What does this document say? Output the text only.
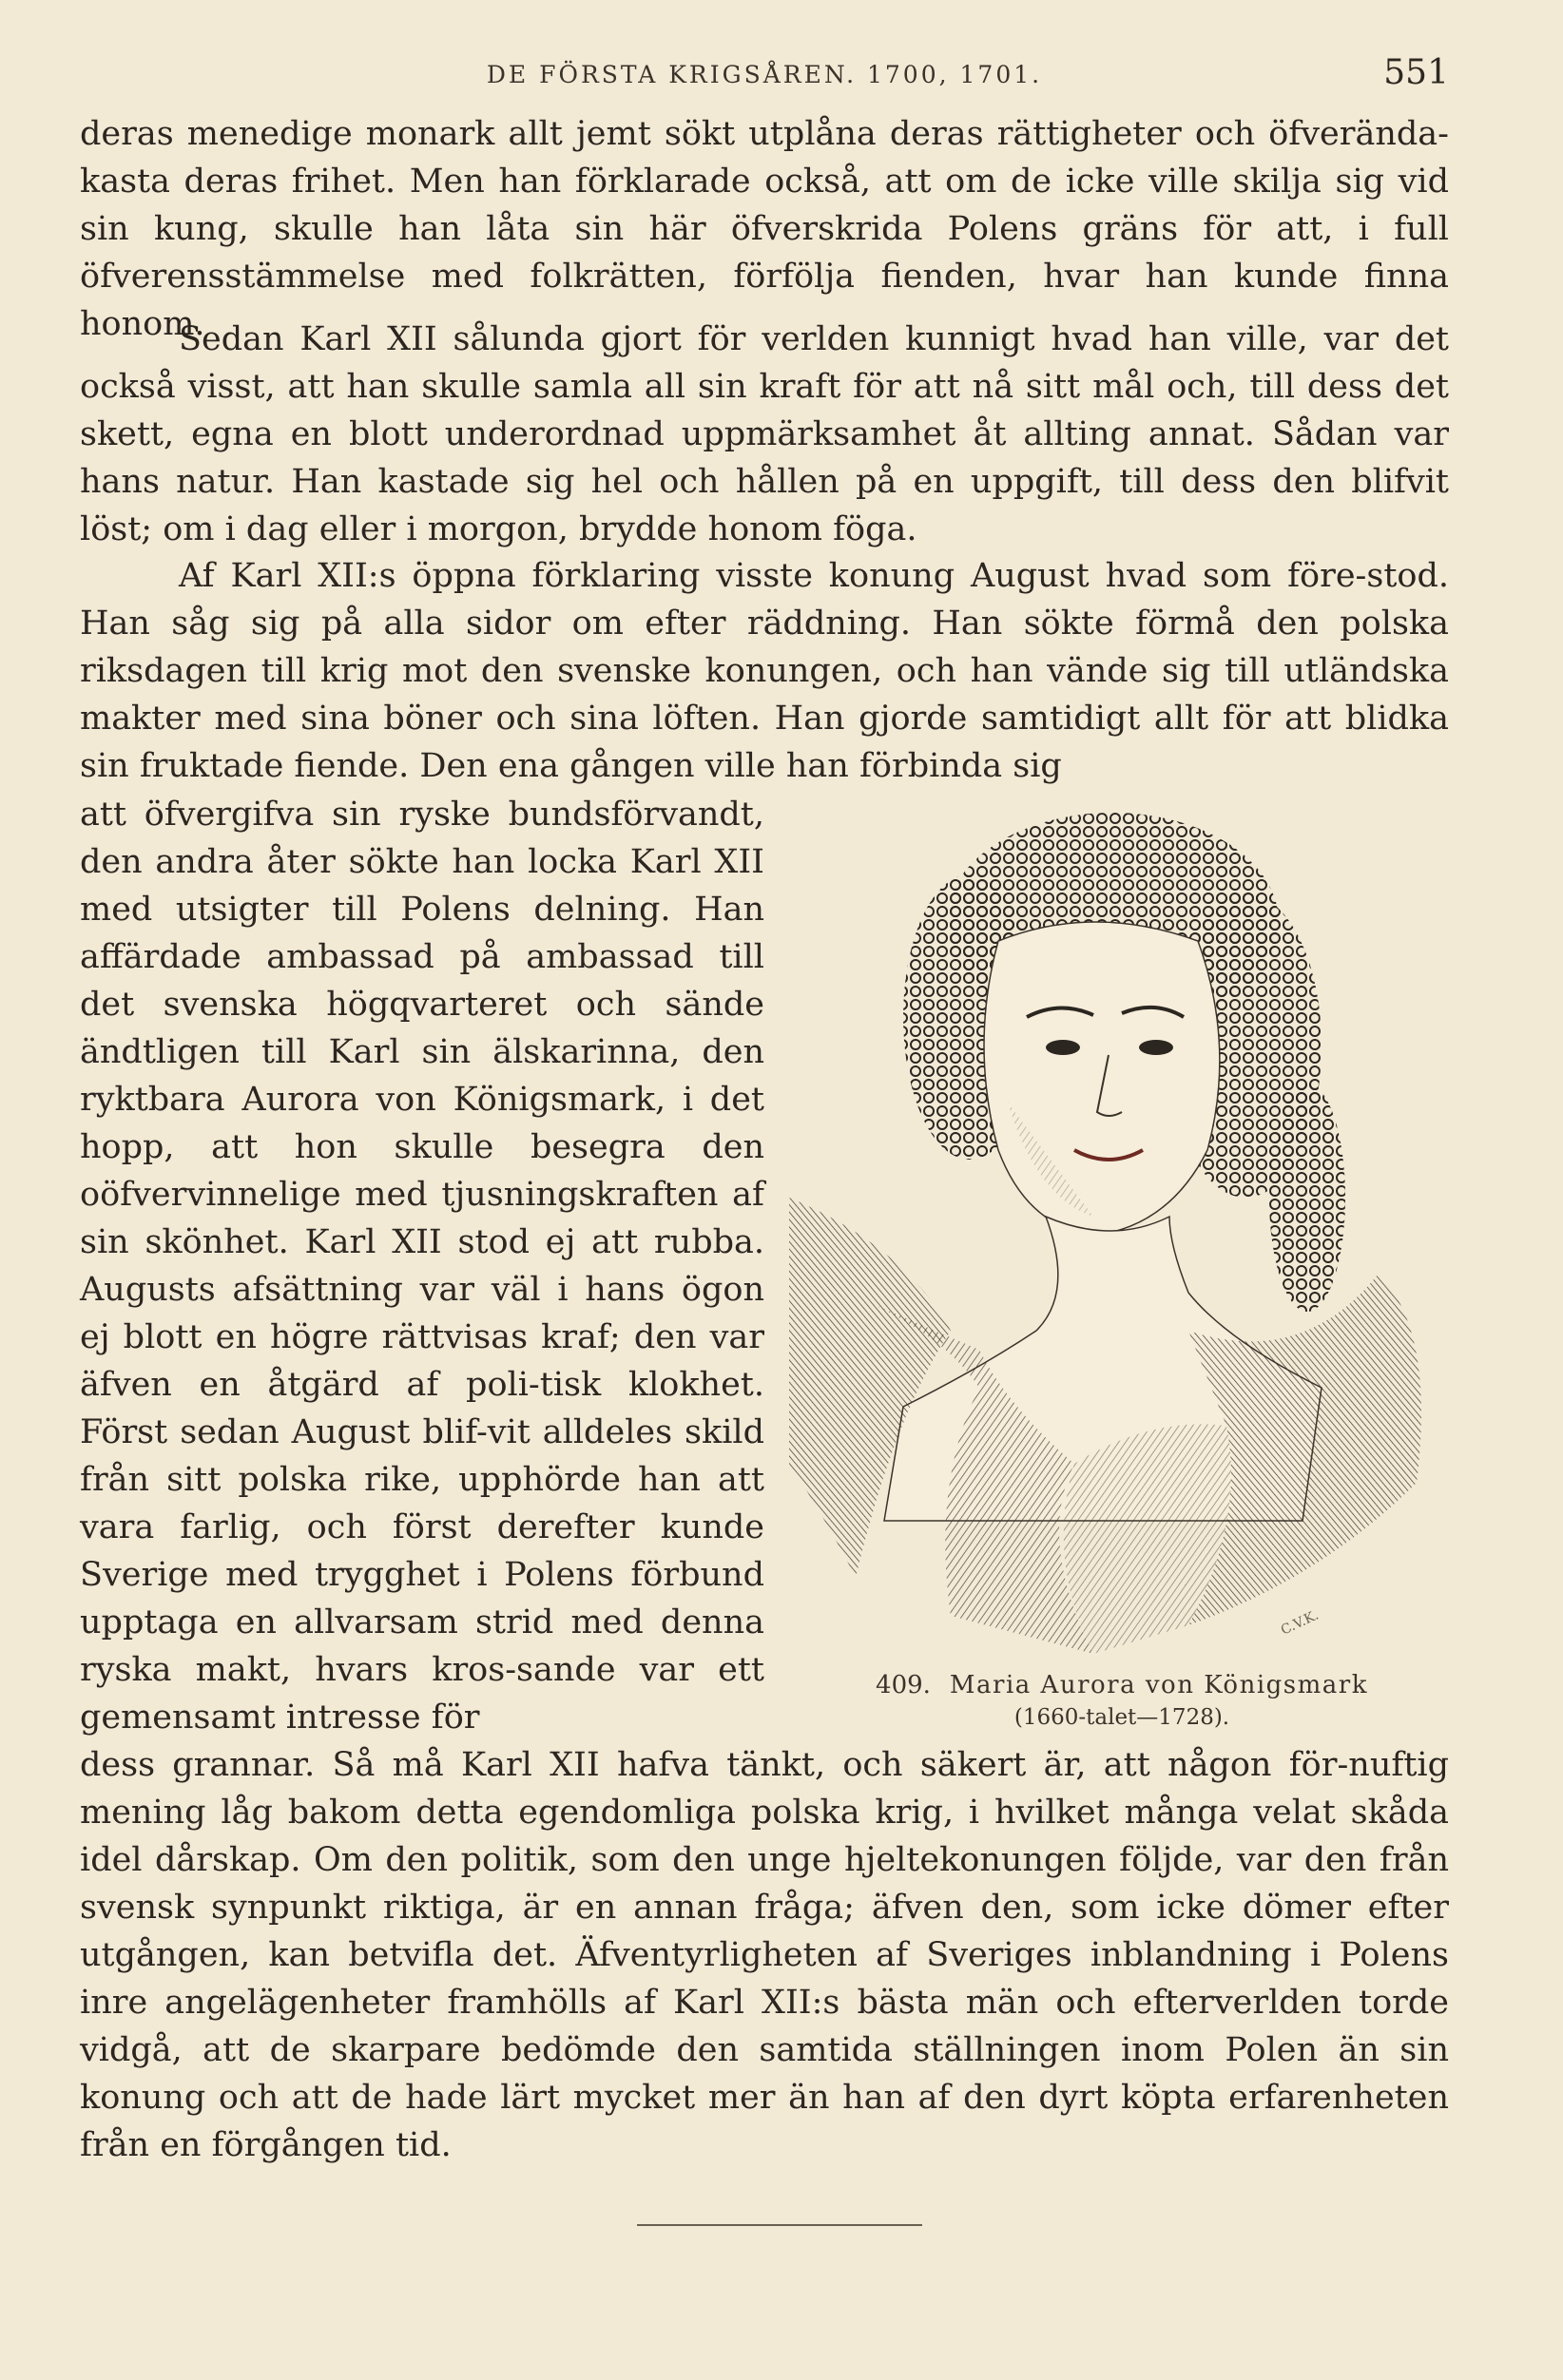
DE FÖRSTA KRIGSÅREN. 1700, 1701.	551

deras menedige monark allt jemt sökt utplåna deras rättigheter och öfverända-kasta deras frihet. Men han förklarade också, att om de icke ville skilja sig vid sin kung, skulle han låta sin här öfverskrida Polens gräns för att, i full öfverensstämmelse med folkrätten, förfölja fienden, hvar han kunde finna honom.

Sedan Karl XII sålunda gjort för verlden kunnigt hvad han ville, var det också visst, att han skulle samla all sin kraft för att nå sitt mål och, till dess det skett, egna en blott underordnad uppmärksamhet åt allting annat. Sådan var hans natur. Han kastade sig hel och hållen på en uppgift, till dess den blifvit löst; om i dag eller i morgon, brydde honom föga.

Af Karl XII:s öppna förklaring visste konung August hvad som före-stod. Han såg sig på alla sidor om efter räddning. Han sökte förmå den polska riksdagen till krig mot den svenske konungen, och han vände sig till utländska makter med sina böner och sina löften. Han gjorde samtidigt allt för att blidka sin fruktade fiende. Den ena gången ville han förbinda sig

att öfvergifva sin ryske bundsförvandt, den andra åter sökte han locka Karl XII med utsigter till Polens delning. Han affärdade ambassad på ambassad till det svenska högqvarteret och sände ändtligen till Karl sin älskarinna, den ryktbara Aurora von Königsmark, i det hopp, att hon skulle besegra den oöfvervinnelige med tjusningskraften af sin skönhet. Karl XII stod ej att rubba. Augusts afsättning var väl i hans ögon ej blott en högre rättvisas kraf; den var äfven en åtgärd af poli-tisk klokhet. Först sedan August blif-vit alldeles skild från sitt polska rike, upphörde han att vara farlig, och först derefter kunde Sverige med trygghet i Polens förbund upptaga en allvarsam strid med denna ryska makt, hvars kros-sande var ett gemensamt intresse för

C.V.K.
409. Maria Aurora von Königsmark
(1660-talet—1728).

dess grannar. Så må Karl XII hafva tänkt, och säkert är, att någon för-nuftig mening låg bakom detta egendomliga polska krig, i hvilket många velat skåda idel dårskap. Om den politik, som den unge hjeltekonungen följde, var den från svensk synpunkt riktiga, är en annan fråga; äfven den, som icke dömer efter utgången, kan betvifla det. Äfventyrligheten af Sveriges inblandning i Polens inre angelägenheter framhölls af Karl XII:s bästa män och efterverlden torde vidgå, att de skarpare bedömde den samtida ställningen inom Polen än sin konung och att de hade lärt mycket mer än han af den dyrt köpta erfarenheten från en förgången tid.
